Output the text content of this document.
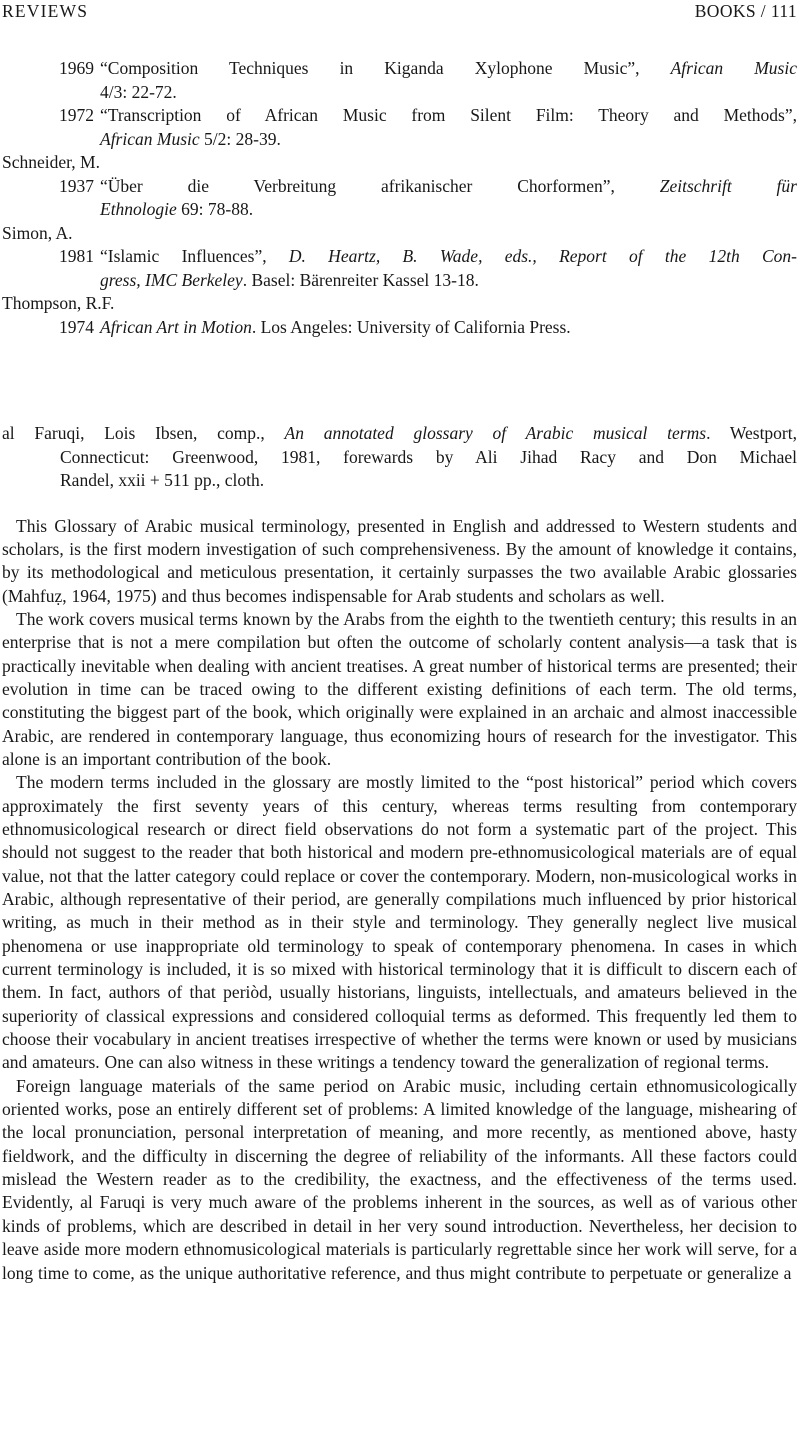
REVIEWS	BOOKS / 111
1969 “Composition Techniques in Kiganda Xylophone Music”, African Music
4/3: 22-72.
1972 “Transcription of African Music from Silent Film: Theory and Methods”,
African Music 5/2: 28-39.
Schneider, M.
1937 “Über die Verbreitung afrikanischer Chorformen”, Zeitschrift für
Ethnologie 69: 78-88.
Simon, A.
1981 “Islamic Influences”, D. Heartz, B. Wade, eds., Report of the 12th Con-
gress, IMC Berkeley. Basel: Bärenreiter Kassel 13-18.
Thompson, R.F.
1974 African Art in Motion. Los Angeles: University of California Press.
al Faruqi, Lois Ibsen, comp., An annotated glossary of Arabic musical terms. Westport,
Connecticut: Greenwood, 1981, forewards by Ali Jihad Racy and Don Michael
Randel, xxii + 511 pp., cloth.

This Glossary of Arabic musical terminology, presented in English and addressed to Western students and scholars, is the first modern investigation of such comprehensiveness. By the amount of knowledge it contains, by its methodological and meticulous presentation, it certainly surpasses the two available Arabic glossaries (Mahfuẓ, 1964, 1975) and thus becomes indispensable for Arab students and scholars as well.

The work covers musical terms known by the Arabs from the eighth to the twentieth century; this results in an enterprise that is not a mere compilation but often the outcome of scholarly content analysis—a task that is practically inevitable when dealing with ancient treatises. A great number of historical terms are presented; their evolution in time can be traced owing to the different existing definitions of each term. The old terms, constituting the biggest part of the book, which originally were explained in an archaic and almost inaccessible Arabic, are rendered in contemporary language, thus economizing hours of research for the investigator. This alone is an important contribution of the book.

The modern terms included in the glossary are mostly limited to the “post historical” period which covers approximately the first seventy years of this century, whereas terms resulting from contemporary ethnomusicological research or direct field observations do not form a systematic part of the project. This should not suggest to the reader that both historical and modern pre-ethnomusicological materials are of equal value, not that the latter category could replace or cover the contemporary. Modern, non-musicological works in Arabic, although representative of their period, are generally compilations much influenced by prior historical writing, as much in their method as in their style and terminology. They generally neglect live musical phenomena or use inappropriate old terminology to speak of contemporary phenomena. In cases in which current terminology is included, it is so mixed with historical terminology that it is difficult to discern each of them. In fact, authors of that periòd, usually historians, linguists, intellectuals, and amateurs believed in the superiority of classical expressions and considered colloquial terms as deformed. This frequently led them to choose their vocabulary in ancient treatises irrespective of whether the terms were known or used by musicians and amateurs. One can also witness in these writings a tendency toward the generalization of regional terms.

Foreign language materials of the same period on Arabic music, including certain ethnomusicologically oriented works, pose an entirely different set of problems: A limited knowledge of the language, mishearing of the local pronunciation, personal interpretation of meaning, and more recently, as mentioned above, hasty fieldwork, and the difficulty in discerning the degree of reliability of the informants. All these factors could mislead the Western reader as to the credibility, the exactness, and the effectiveness of the terms used. Evidently, al Faruqi is very much aware of the problems inherent in the sources, as well as of various other kinds of problems, which are described in detail in her very sound introduction. Nevertheless, her decision to leave aside more modern ethnomusicological materials is particularly regrettable since her work will serve, for a long time to come, as the unique authoritative reference, and thus might contribute to perpetuate or generalize a
